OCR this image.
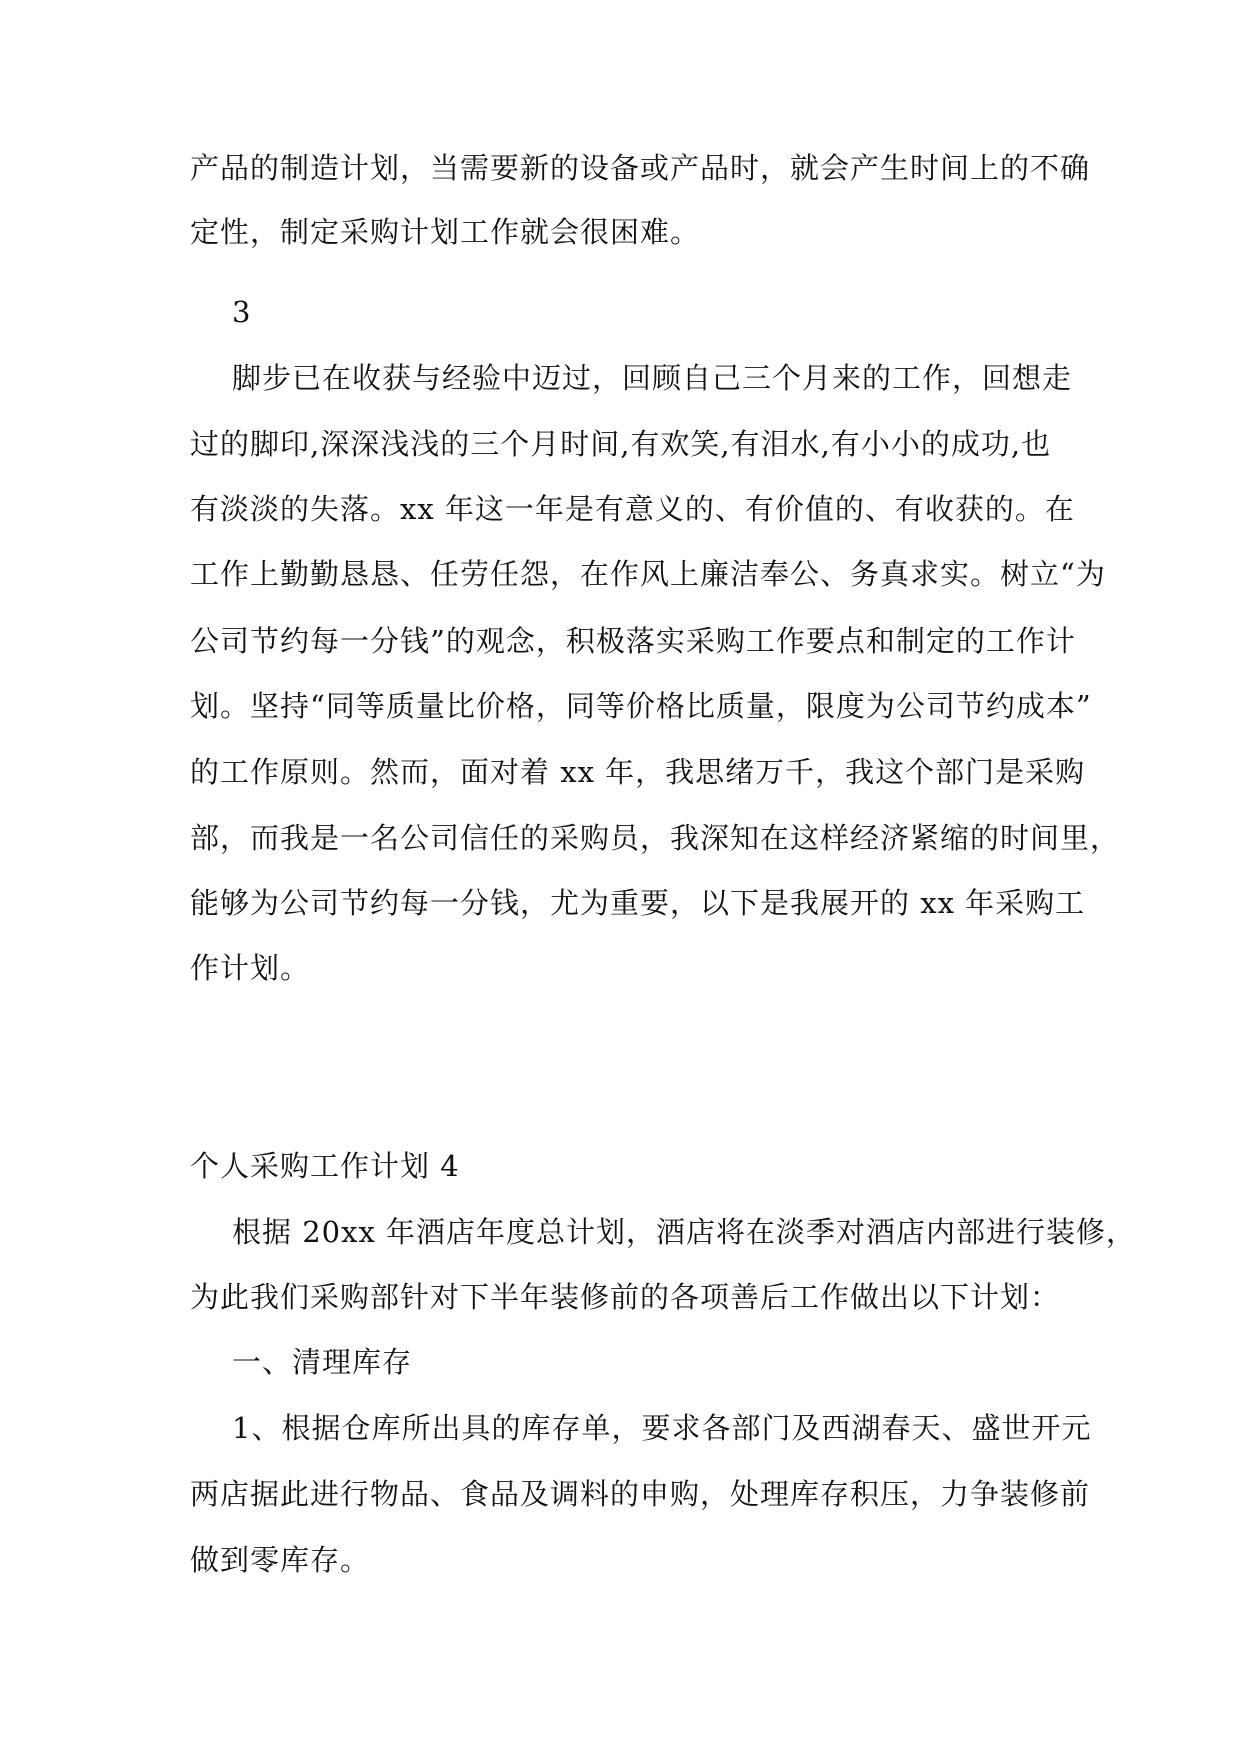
产品的制造计划，当需要新的设备或产品时，就会产生时间上的不确
定性，制定采购计划工作就会很困难。
3
脚步已在收获与经验中迈过，回顾自己三个月来的工作，回想走
过的脚印,深深浅浅的三个月时间,有欢笑,有泪水,有小小的成功,也
有淡淡的失落。xx 年这一年是有意义的、有价值的、有收获的。在
工作上勤勤恳恳、任劳任怨，在作风上廉洁奉公、务真求实。树立“为
公司节约每一分钱”的观念，积极落实采购工作要点和制定的工作计
划。坚持“同等质量比价格，同等价格比质量，限度为公司节约成本”
的工作原则。然而，面对着 xx 年，我思绪万千，我这个部门是采购
部，而我是一名公司信任的采购员，我深知在这样经济紧缩的时间里，
能够为公司节约每一分钱，尤为重要，以下是我展开的 xx 年采购工
作计划。
个人采购工作计划 4
根据 20xx 年酒店年度总计划，酒店将在淡季对酒店内部进行装修，
为此我们采购部针对下半年装修前的各项善后工作做出以下计划：
一、清理库存
1、根据仓库所出具的库存单，要求各部门及西湖春天、盛世开元
两店据此进行物品、食品及调料的申购，处理库存积压，力争装修前
做到零库存。
